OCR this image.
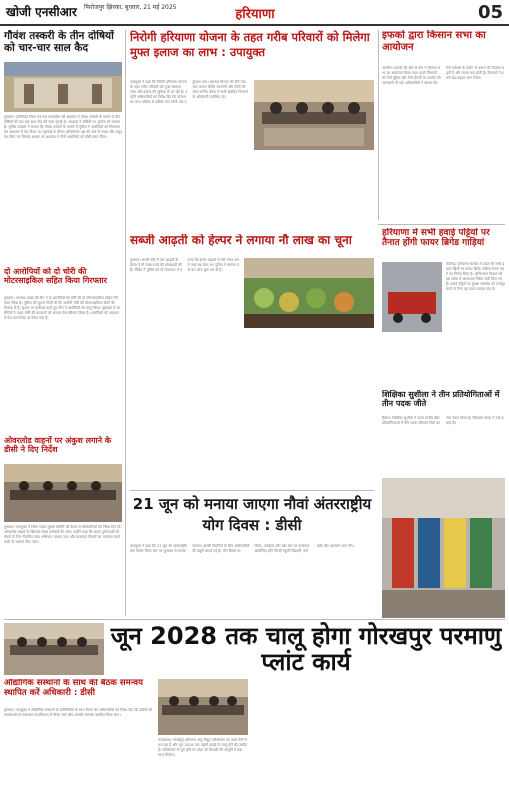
खोजी एनसीआर फिरोजपुर झिरका, बुधवार, 21 मई 2025	हरियाणा	05
गौवंश तस्करी के तीन दोषियों को चार-चार साल कैद
गुरुग्राम। अतिरिक्त जिला एवं सत्र न्यायाधीश की अदालत ने गौवंश तस्करी के मामले में तीन दोषियों को चार-चार साल कैद की सजा सुनाई है। अदालत ने दोषियों पर जुर्माना भी लगाया है। पुलिस प्रवक्ता ने बताया कि गौवंश तस्करी के मामले में पुलिस ने आरोपियों को गिरफ्तार कर अदालत में पेश किया था। सुनवाई के दौरान अभियोजन पक्ष की ओर से गवाह और सबूत पेश किए गए जिसके आधार पर अदालत ने तीनों आरोपियों को दोषी करार दिया।
दो आरोपियों को दो चोरी की मोटरसाइकिल सहित किया गिरफ्तार
गुरुग्राम। अपराध शाखा की टीम ने दो आरोपियों को चोरी की दो मोटरसाइकिल सहित गिरफ्तार किया है। पुलिस को सूचना मिली थी कि आरोपी चोरी की मोटरसाइकिल बेचने की फिराक में हैं। सूचना पर कार्रवाई करते हुए टीम ने आरोपियों को काबू किया। पूछताछ में आरोपियों ने वाहन चोरी की वारदातों को अंजाम देना स्वीकार किया है। आरोपियों को अदालत में पेश कर रिमांड पर लिया गया है।
ओवरलोड वाहनों पर अंकुश लगाने के डीसी ने दिए निर्देश
गुरुग्राम। उपायुक्त ने जिला सड़क सुरक्षा समिति की बैठक में अधिकारियों को निर्देश दिए कि ओवरलोड वाहनों के खिलाफ सख्त कार्रवाई की जाए। उन्होंने कहा कि सड़क दुर्घटनाओं को रोकने के लिए नियमित जांच अभियान चलाया जाए और यातायात नियमों का उल्लंघन करने वालों के चालान किए जाएं।
निरोगी हरियाणा योजना के तहत गरीब परिवारों को मिलेगा मुफ्त इलाज का लाभ : उपायुक्त
उपायुक्त ने कहा कि निरोगी हरियाणा योजना के तहत गरीब परिवारों को मुफ्त स्वास्थ्य जांच और इलाज की सुविधा दी जा रही है। उन्होंने अधिकारियों को निर्देश दिए कि योजना का लाभ अधिक से अधिक पात्र लोगों तक पहुंचाया जाए। स्वास्थ्य विभाग की टीमें गांव-गांव जाकर शिविर लगाएंगी और लोगों की जांच करेंगी। बैठक में सभी संबंधित विभागों के अधिकारी उपस्थित रहे।
सब्जी आढ़ती को हेल्पर ने लगाया नौ लाख का चूना
गुरुग्राम। सब्जी मंडी में एक आढ़ती के हेल्पर ने नौ लाख रुपये की धोखाधड़ी की है। पीड़ित ने पुलिस को दी शिकायत में बताया कि हेल्पर ग्राहकों से पैसे लेकर अपने पास रख लेता था। पुलिस ने मामला दर्ज कर जांच शुरू कर दी है।
इफको द्वारा किसान सभा का आयोजन
नारनौल। इफको की ओर से गांव में किसान सभा का आयोजन किया गया। इसमें किसानों को नैनो यूरिया और नैनो डीएपी के उपयोग की जानकारी दी गई। अधिकारियों ने बताया कि नैनो उर्वरकों के प्रयोग से फसल की पैदावार बढ़ती है और लागत कम होती है। किसानों ने इसमें बढ़-चढ़कर भाग लिया।
हरियाणा में सभी हवाई पट्टियों पर तैनात होंगी फायर ब्रिगेड गाड़ियां
चंडीगढ़। हरियाणा सरकार ने प्रदेश की सभी हवाई पट्टियों पर फायर ब्रिगेड गाड़ियां तैनात करने का निर्णय लिया है। अग्निशमन विभाग को इस संबंध में आवश्यक निर्देश जारी किए गए हैं। हवाई पट्टियों पर सुरक्षा व्यवस्था को मजबूत करने के लिए यह कदम उठाया गया है।
शिक्षिका सुशीला ने तीन प्रतियोगिताओं में तीन पदक जीते
हिसार। शिक्षिका सुशीला ने राज्य स्तरीय खेल प्रतियोगिताओं में तीन पदक जीतकर जिले का नाम रोशन किया है। विद्यालय स्टाफ ने उन्हें बधाई दी।
21 जून को मनाया जाएगा नौवां अंतरराष्ट्रीय योग दिवस : डीसी
उपायुक्त ने कहा कि 21 जून को अंतरराष्ट्रीय योग दिवस जिला स्तर पर धूमधाम से मनाया जाएगा। इसकी तैयारियों के लिए अधिकारियों की ड्यूटी लगाई गई है। योग दिवस पर जिला, उपमंडल और खंड स्तर पर कार्यक्रम आयोजित होंगे जिनमें स्कूली विद्यार्थी, कर्मचारी और आमजन भाग लेंगे।
जून 2028 तक चालू होगा गोरखपुर परमाणु प्लांट कार्य
औद्योगिक संस्थानों के साथ की बैठक समन्वय स्थापित करें अधिकारी : डीसी
गुरुग्राम। उपायुक्त ने औद्योगिक संस्थानों के प्रतिनिधियों के साथ बैठक कर अधिकारियों को निर्देश दिए कि उद्योगों की समस्याओं का समाधान प्राथमिकता से किया जाए और आपसी समन्वय स्थापित किया जाए।
फतेहाबाद। गोरखपुर हरियाणा अणु विद्युत परियोजना का कार्य तेजी से चल रहा है और जून 2028 तक पहली इकाई के चालू होने की उम्मीद है। परियोजना के पूरा होने पर प्रदेश को बिजली की आपूर्ति में बड़ा लाभ मिलेगा।
